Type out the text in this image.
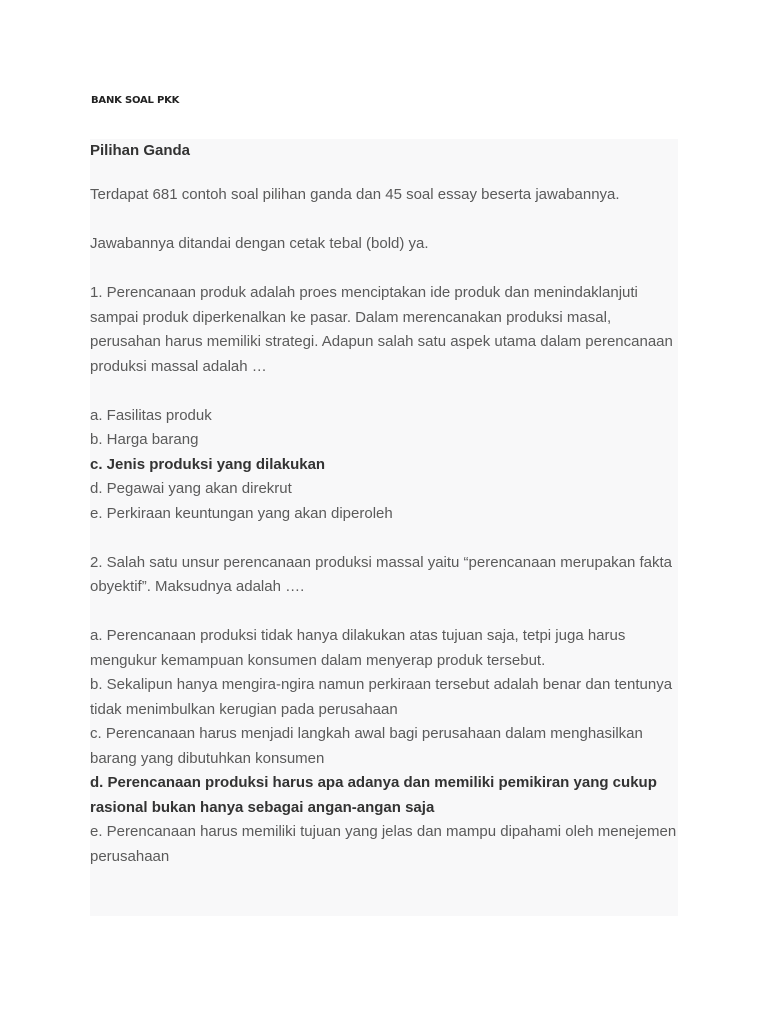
BANK SOAL PKK
Pilihan Ganda

Terdapat 681 contoh soal pilihan ganda dan 45 soal essay beserta jawabannya.

Jawabannya ditandai dengan cetak tebal (bold) ya.

1. Perencanaan produk adalah proes menciptakan ide produk dan menindaklanjuti sampai produk diperkenalkan ke pasar. Dalam merencanakan produksi masal, perusahan harus memiliki strategi. Adapun salah satu aspek utama dalam perencanaan produksi massal adalah …

a. Fasilitas produk

b. Harga barang

c. Jenis produksi yang dilakukan

d. Pegawai yang akan direkrut

e. Perkiraan keuntungan yang akan diperoleh

2. Salah satu unsur perencanaan produksi massal yaitu “perencanaan merupakan fakta obyektif”. Maksudnya adalah ….

a. Perencanaan produksi tidak hanya dilakukan atas tujuan saja, tetpi juga harus mengukur kemampuan konsumen dalam menyerap produk tersebut.

b. Sekalipun hanya mengira-ngira namun perkiraan tersebut adalah benar dan tentunya tidak menimbulkan kerugian pada perusahaan

c. Perencanaan harus menjadi langkah awal bagi perusahaan dalam menghasilkan barang yang dibutuhkan konsumen

d. Perencanaan produksi harus apa adanya dan memiliki pemikiran yang cukup rasional bukan hanya sebagai angan-angan saja

e. Perencanaan harus memiliki tujuan yang jelas dan mampu dipahami oleh menejemen perusahaan
